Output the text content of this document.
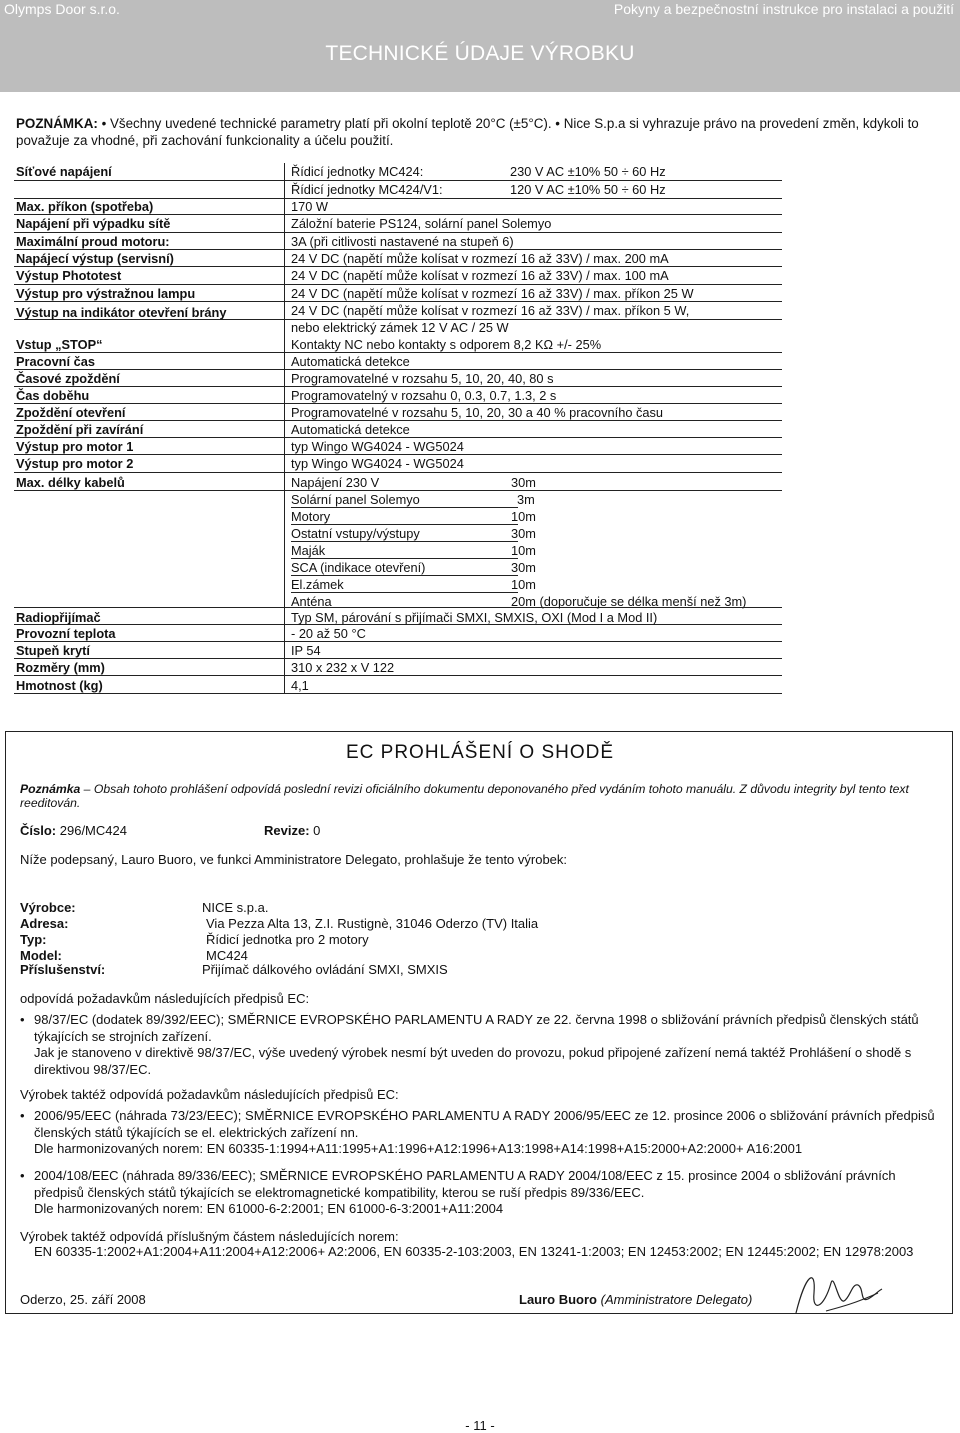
Olymps Door s.r.o.	Pokyny a bezpečnostní instrukce pro instalaci a použití
TECHNICKÉ ÚDAJE VÝROBKU
POZNÁMKA: • Všechny uvedené technické parametry platí při okolní teplotě 20°C (±5°C). • Nice S.p.a si vyhrazuje právo na provedení změn, kdykoli to považuje za vhodné, při zachování funkcionality a účelu použití.
Síťové napájení	Řídicí jednotky MC424:	230 V AC ±10% 50 ÷ 60 Hz
Řídicí jednotky MC424/V1:	120 V AC ±10% 50 ÷ 60 Hz
Max. příkon (spotřeba)	170 W
Napájení při výpadku sítě	Záložní baterie PS124, solární panel Solemyo
Maximální proud motoru:	3A (při citlivosti nastavené na stupeň 6)
Napájecí výstup (servisní)	24 V DC (napětí může kolísat v rozmezí 16 až 33V) / max. 200 mA
Výstup Phototest	24 V DC (napětí může kolísat v rozmezí 16 až 33V) / max. 100 mA
Výstup pro výstražnou lampu	24 V DC (napětí může kolísat v rozmezí 16 až 33V) / max. příkon 25 W
Výstup na indikátor otevření brány	24 V DC (napětí může kolísat v rozmezí 16 až 33V) / max. příkon 5 W,
nebo elektrický zámek 12 V AC / 25 W
Vstup „STOP“	Kontakty NC nebo kontakty s odporem 8,2 KΩ +/- 25%
Pracovní čas	Automatická detekce
Časové zpoždění	Programovatelné v rozsahu 5, 10, 20, 40, 80 s
Čas doběhu	Programovatelný v rozsahu 0, 0.3, 0.7, 1.3, 2 s
Zpoždění otevření	Programovatelné v rozsahu 5, 10, 20, 30 a 40 % pracovního času
Zpoždění při zavírání	Automatická detekce
Výstup pro motor 1	typ Wingo WG4024 - WG5024
Výstup pro motor 2	typ Wingo WG4024 - WG5024
Max. délky kabelů	Napájení 230 V	30m
Solární panel Solemyo	3m
Motory	10m
Ostatní vstupy/výstupy	30m
Maják	10m
SCA (indikace otevření)	30m
El.zámek	10m
Anténa	20m (doporučuje se délka menší než 3m)
Radiopřijímač	Typ SM, párování s přijímači SMXI, SMXIS, OXI (Mod I a Mod II)
Provozní teplota	- 20 až 50 °C
Stupeň krytí	IP 54
Rozměry (mm)	310 x 232 x V 122
Hmotnost (kg)	4,1
EC PROHLÁŠENÍ O SHODĚ
Poznámka – Obsah tohoto prohlášení odpovídá poslední revizi oficiálního dokumentu deponovaného před vydáním tohoto manuálu. Z důvodu integrity byl tento text reeditován.
Číslo: 296/MC424	Revize: 0
Níže podepsaný, Lauro Buoro, ve funkci Amministratore Delegato, prohlašuje že tento výrobek:
Výrobce:	NICE s.p.a.
Adresa:	Via Pezza Alta 13, Z.I. Rustignè, 31046 Oderzo (TV) Italia
Typ:	Řídicí jednotka pro 2 motory
Model:	MC424
Příslušenství:	Přijímač dálkového ovládání SMXI, SMXIS
odpovídá požadavkům následujících předpisů EC:
• 98/37/EC (dodatek 89/392/EEC); SMĚRNICE EVROPSKÉHO PARLAMENTU A RADY ze 22. června 1998 o sbližování právních předpisů členských států týkajících se strojních zařízení.
Jak je stanoveno v direktivě 98/37/EC, výše uvedený výrobek nesmí být uveden do provozu, pokud připojené zařízení nemá taktéž Prohlášení o shodě s direktivou 98/37/EC.
Výrobek taktéž odpovídá požadavkům následujících předpisů EC:
• 2006/95/EEC (náhrada 73/23/EEC); SMĚRNICE EVROPSKÉHO PARLAMENTU A RADY 2006/95/EEC ze 12. prosince 2006 o sbližování právních předpisů členských států týkajících se el. elektrických zařízení nn.
Dle harmonizovaných norem: EN 60335-1:1994+A11:1995+A1:1996+A12:1996+A13:1998+A14:1998+A15:2000+A2:2000+ A16:2001
• 2004/108/EEC (náhrada 89/336/EEC); SMĚRNICE EVROPSKÉHO PARLAMENTU A RADY 2004/108/EEC z 15. prosince 2004 o sbližování právních předpisů členských států týkajících se elektromagnetické kompatibility, kterou se ruší předpis 89/336/EEC.
Dle harmonizovaných norem: EN 61000-6-2:2001; EN 61000-6-3:2001+A11:2004
Výrobek taktéž odpovídá příslušným částem následujících norem:
EN 60335-1:2002+A1:2004+A11:2004+A12:2006+ A2:2006, EN 60335-2-103:2003, EN 13241-1:2003; EN 12453:2002; EN 12445:2002; EN 12978:2003
Oderzo, 25. září 2008	Lauro Buoro (Amministratore Delegato)
- 11 -
